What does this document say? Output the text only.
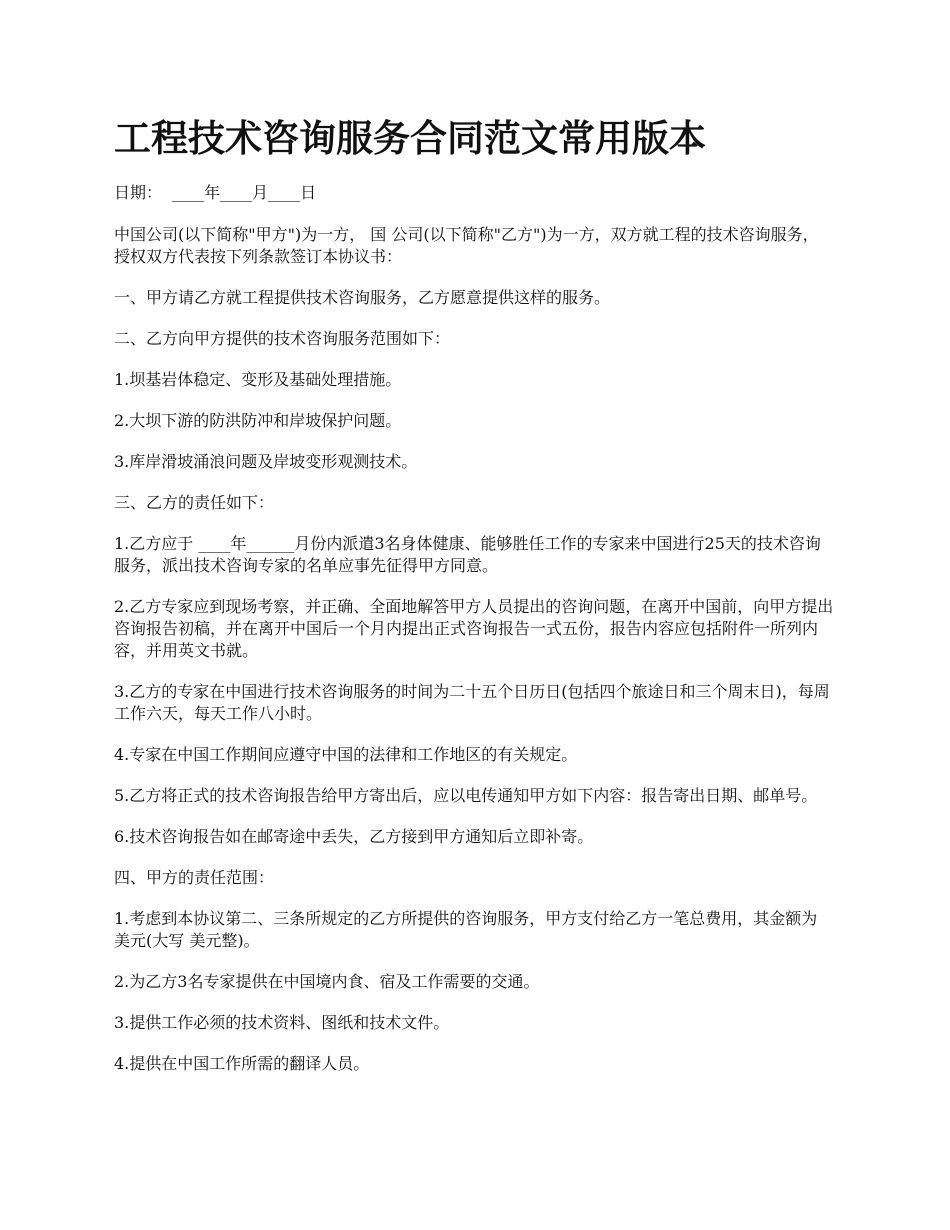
工程技术咨询服务合同范文常用版本

日期：  ____年____月____日

中国公司(以下简称"甲方")为一方， 国 公司(以下简称"乙方")为一方，双方就工程的技术咨询服务，授权双方代表按下列条款签订本协议书：

一、甲方请乙方就工程提供技术咨询服务，乙方愿意提供这样的服务。

二、乙方向甲方提供的技术咨询服务范围如下：

1.坝基岩体稳定、变形及基础处理措施。

2.大坝下游的防洪防冲和岸坡保护问题。

3.库岸滑坡涌浪问题及岸坡变形观测技术。

三、乙方的责任如下：

1.乙方应于 ____年______月份内派遣3名身体健康、能够胜任工作的专家来中国进行25天的技术咨询服务，派出技术咨询专家的名单应事先征得甲方同意。

2.乙方专家应到现场考察，并正确、全面地解答甲方人员提出的咨询问题，在离开中国前，向甲方提出咨询报告初稿，并在离开中国后一个月内提出正式咨询报告一式五份，报告内容应包括附件一所列内容，并用英文书就。

3.乙方的专家在中国进行技术咨询服务的时间为二十五个日历日(包括四个旅途日和三个周末日)，每周工作六天，每天工作八小时。

4.专家在中国工作期间应遵守中国的法律和工作地区的有关规定。

5.乙方将正式的技术咨询报告给甲方寄出后，应以电传通知甲方如下内容：报告寄出日期、邮单号。

6.技术咨询报告如在邮寄途中丢失，乙方接到甲方通知后立即补寄。

四、甲方的责任范围：

1.考虑到本协议第二、三条所规定的乙方所提供的咨询服务，甲方支付给乙方一笔总费用，其金额为 美元(大写 美元整)。

2.为乙方3名专家提供在中国境内食、宿及工作需要的交通。

3.提供工作必须的技术资料、图纸和技术文件。

4.提供在中国工作所需的翻译人员。
